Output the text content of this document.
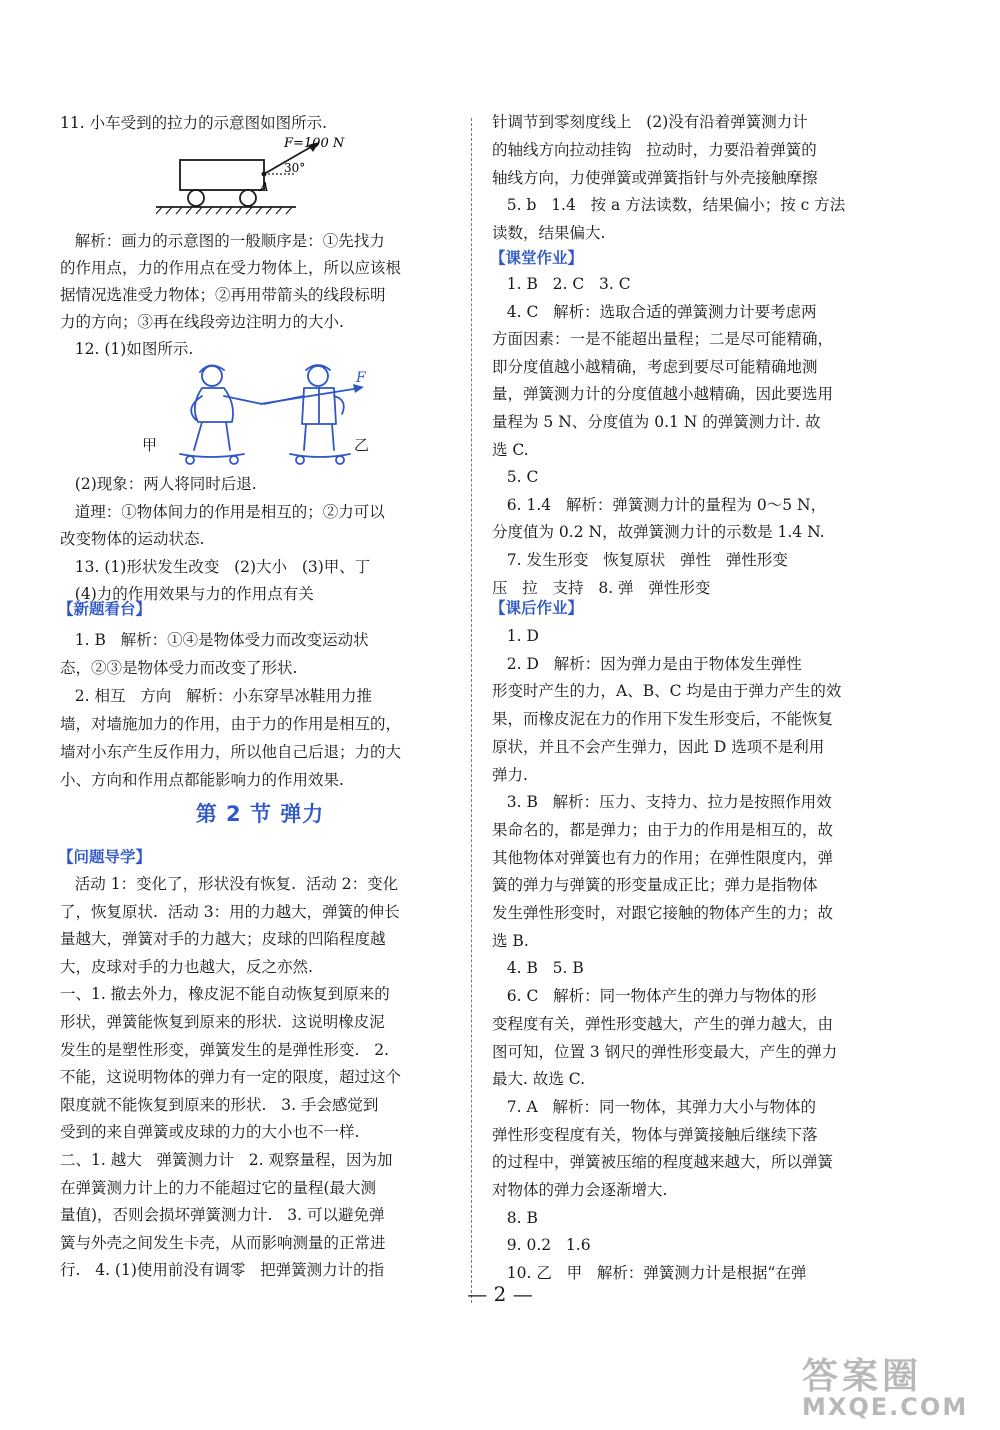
11. 小车受到的拉力的示意图如图所示.
F=100 N
30°
A
解析：画力的示意图的一般顺序是：①先找力
的作用点，力的作用点在受力物体上，所以应该根
据情况选准受力物体；②再用带箭头的线段标明
力的方向；③再在线段旁边注明力的大小.
12. (1)如图所示.
F
甲	乙
(2)现象：两人将同时后退.
道理：①物体间力的作用是相互的；②力可以
改变物体的运动状态.
13. (1)形状发生改变   (2)大小   (3)甲、丁
(4)力的作用效果与力的作用点有关
【新题看台】
1. B   解析：①④是物体受力而改变运动状
态，②③是物体受力而改变了形状.
2. 相互   方向   解析：小东穿旱冰鞋用力推
墙，对墙施加力的作用，由于力的作用是相互的，
墙对小东产生反作用力，所以他自己后退；力的大
小、方向和作用点都能影响力的作用效果.
第 2 节 弹力
【问题导学】
活动 1：变化了，形状没有恢复.  活动 2：变化
了，恢复原状.  活动 3：用的力越大，弹簧的伸长
量越大，弹簧对手的力越大；皮球的凹陷程度越
大，皮球对手的力也越大，反之亦然.
一、1. 撤去外力，橡皮泥不能自动恢复到原来的
形状，弹簧能恢复到原来的形状.  这说明橡皮泥
发生的是塑性形变，弹簧发生的是弹性形变.   2.
不能，这说明物体的弹力有一定的限度，超过这个
限度就不能恢复到原来的形状.   3. 手会感觉到
受到的来自弹簧或皮球的力的大小也不一样.
二、1. 越大   弹簧测力计   2. 观察量程，因为加
在弹簧测力计上的力不能超过它的量程(最大测
量值)，否则会损坏弹簧测力计.   3. 可以避免弹
簧与外壳之间发生卡壳，从而影响测量的正常进
行.   4. (1)使用前没有调零   把弹簧测力计的指
针调节到零刻度线上   (2)没有沿着弹簧测力计
的轴线方向拉动挂钩   拉动时，力要沿着弹簧的
轴线方向，力使弹簧或弹簧指针与外壳接触摩擦
5. b   1.4   按 a 方法读数，结果偏小；按 c 方法
读数，结果偏大.
【课堂作业】
1. B   2. C   3. C
4. C   解析：选取合适的弹簧测力计要考虑两
方面因素：一是不能超出量程；二是尽可能精确，
即分度值越小越精确，考虑到要尽可能精确地测
量，弹簧测力计的分度值越小越精确，因此要选用
量程为 5 N、分度值为 0.1 N 的弹簧测力计. 故
选 C.
5. C
6. 1.4   解析：弹簧测力计的量程为 0～5 N，
分度值为 0.2 N，故弹簧测力计的示数是 1.4 N.
7. 发生形变   恢复原状   弹性   弹性形变
压   拉   支持   8. 弹   弹性形变
【课后作业】
1. D
2. D   解析：因为弹力是由于物体发生弹性
形变时产生的力，A、B、C 均是由于弹力产生的效
果，而橡皮泥在力的作用下发生形变后，不能恢复
原状，并且不会产生弹力，因此 D 选项不是利用
弹力.
3. B   解析：压力、支持力、拉力是按照作用效
果命名的，都是弹力；由于力的作用是相互的，故
其他物体对弹簧也有力的作用；在弹性限度内，弹
簧的弹力与弹簧的形变量成正比；弹力是指物体
发生弹性形变时，对跟它接触的物体产生的力；故
选 B.
4. B   5. B
6. C   解析：同一物体产生的弹力与物体的形
变程度有关，弹性形变越大，产生的弹力越大，由
图可知，位置 3 钢尺的弹性形变最大，产生的弹力
最大. 故选 C.
7. A   解析：同一物体，其弹力大小与物体的
弹性形变程度有关，物体与弹簧接触后继续下落
的过程中，弹簧被压缩的程度越来越大，所以弹簧
对物体的弹力会逐渐增大.
8. B
9. 0.2   1.6
10. 乙   甲   解析：弹簧测力计是根据“在弹
— 2 —
答案圈
MXQE.COM
